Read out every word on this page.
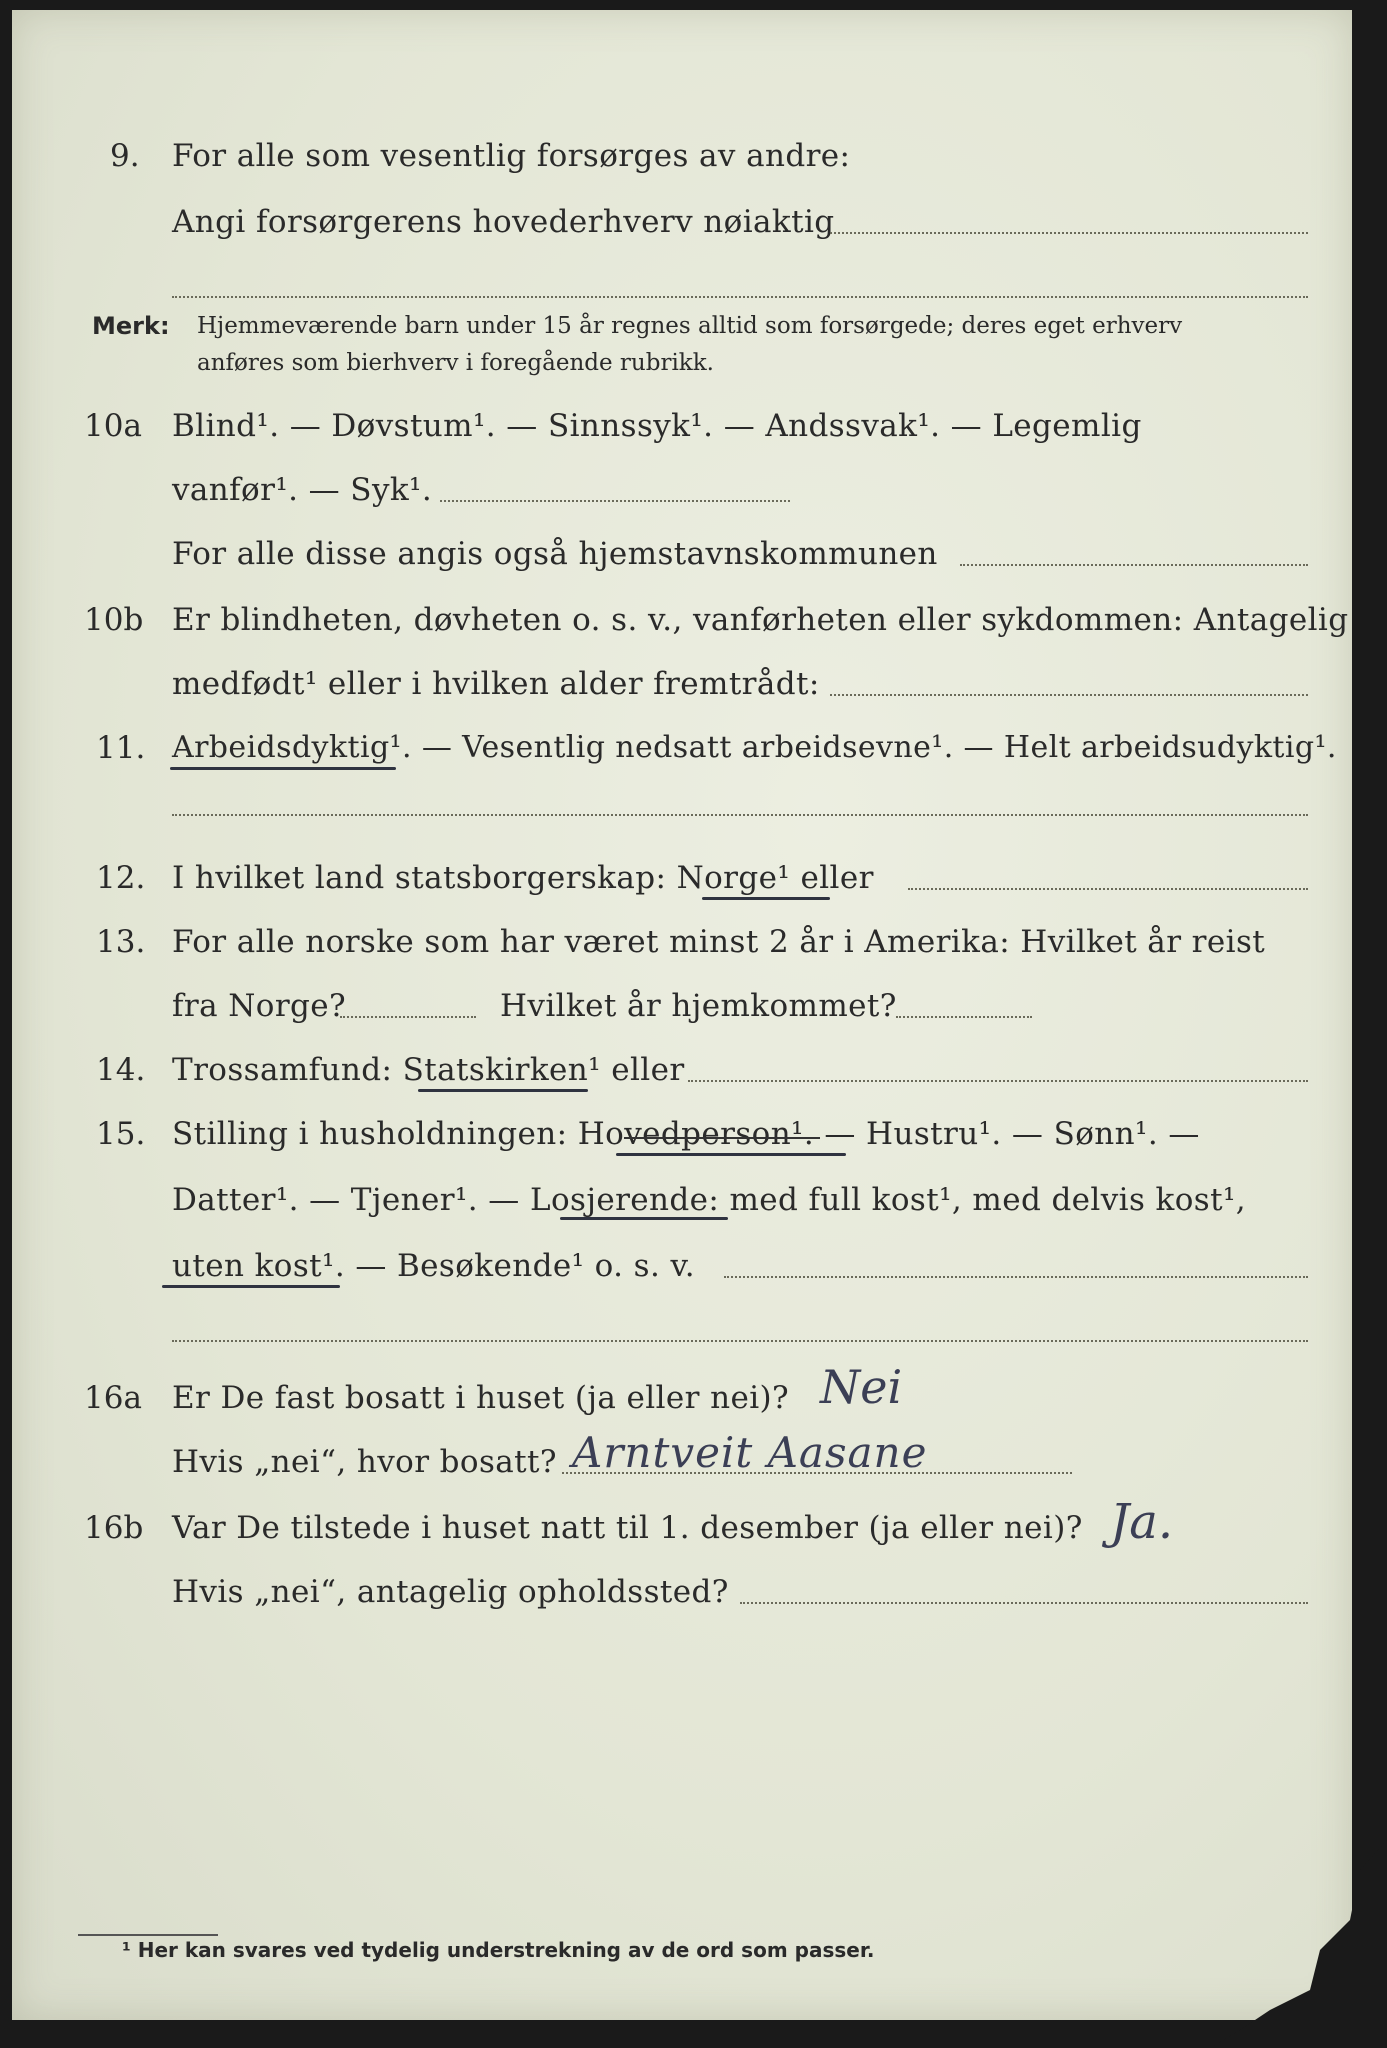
9. For alle som vesentlig forsørges av andre:
Angi forsørgerens hovederhverv nøiaktig
Merk: Hjemmeværende barn under 15 år regnes alltid som forsørgede; deres eget erhverv
anføres som bierhverv i foregående rubrikk.
10a Blind¹. — Døvstum¹. — Sinnssyk¹. — Andssvak¹. — Legemlig
vanfør¹. — Syk¹.
For alle disse angis også hjemstavnskommunen
10b Er blindheten, døvheten o. s. v., vanførheten eller sykdommen: Antagelig
medfødt¹ eller i hvilken alder fremtrådt:
11. Arbeidsdyktig¹. — Vesentlig nedsatt arbeidsevne¹. — Helt arbeidsudyktig¹.
12. I hvilket land statsborgerskap: Norge¹ eller
13. For alle norske som har været minst 2 år i Amerika: Hvilket år reist
fra Norge?	Hvilket år hjemkommet?
14. Trossamfund: Statskirken¹ eller
15. Stilling i husholdningen: Hovedperson¹. — Hustru¹. — Sønn¹. —
Datter¹. — Tjener¹. — Losjerende: med full kost¹, med delvis kost¹,
uten kost¹. — Besøkende¹ o. s. v.
16a Er De fast bosatt i huset (ja eller nei)? Nei
Hvis „nei“, hvor bosatt? Arntveit Aasane
16b Var De tilstede i huset natt til 1. desember (ja eller nei)? Ja.
Hvis „nei“, antagelig opholdssted?
¹ Her kan svares ved tydelig understrekning av de ord som passer.
